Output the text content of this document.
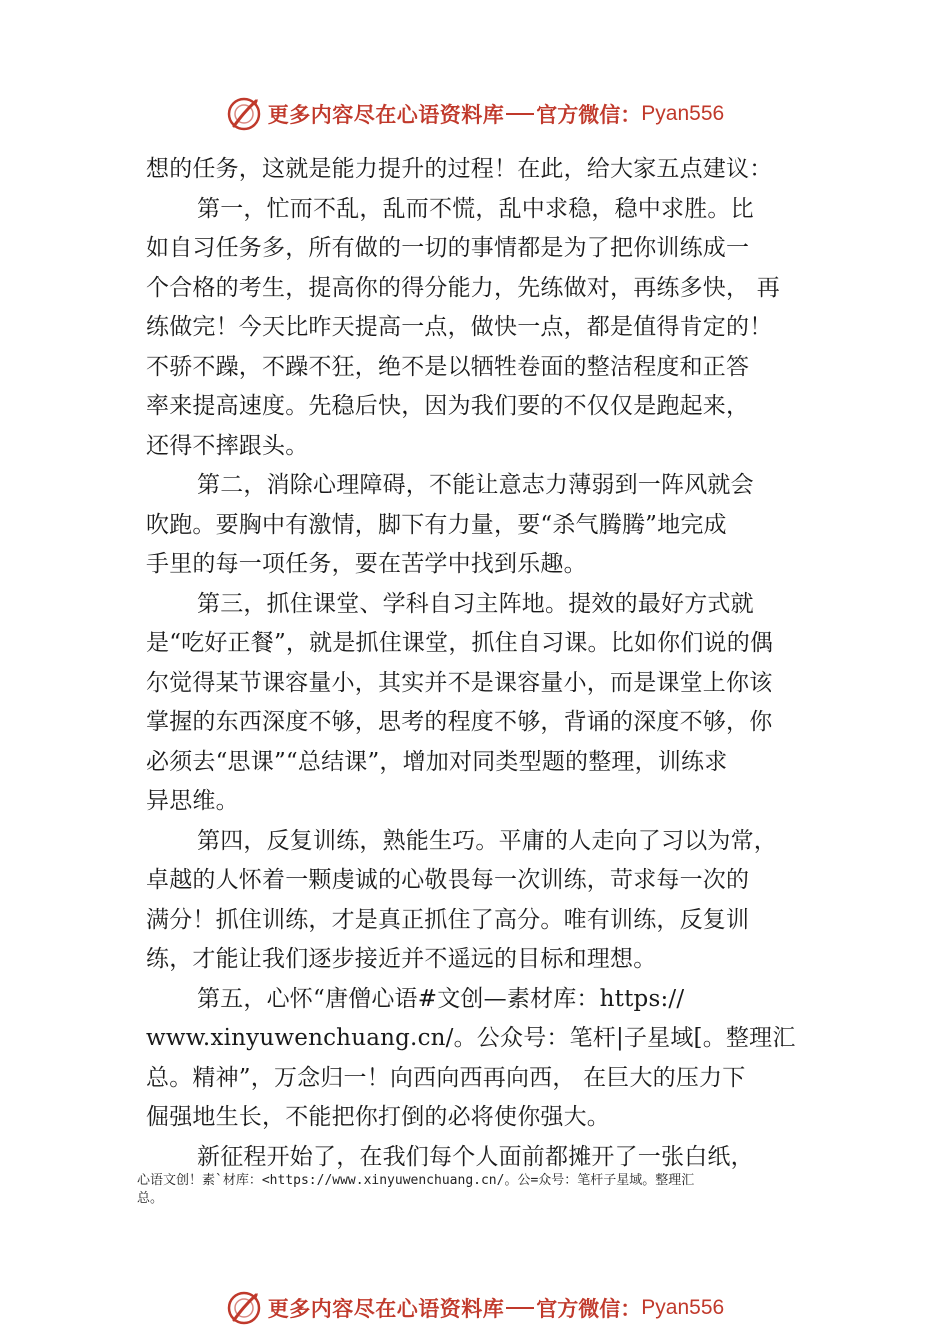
更多内容尽在心语资料库 官方微信： Pyan556
想的任务，这就是能力提升的过程！在此，给大家五点建议：
第一，忙而不乱，乱而不慌，乱中求稳，稳中求胜。比
如自习任务多，所有做的一切的事情都是为了把你训练成一
个合格的考生，提高你的得分能力，先练做对，再练多快， 再
练做完！今天比昨天提高一点，做快一点，都是值得肯定的！
不骄不躁，不躁不狂，绝不是以牺牲卷面的整洁程度和正答
率来提高速度。先稳后快，因为我们要的不仅仅是跑起来，
还得不摔跟头。
第二，消除心理障碍，不能让意志力薄弱到一阵风就会
吹跑。要胸中有激情，脚下有力量，要“杀气腾腾”地完成
手里的每一项任务，要在苦学中找到乐趣。
第三，抓住课堂、学科自习主阵地。提效的最好方式就
是“吃好正餐”，就是抓住课堂，抓住自习课。比如你们说的偶
尔觉得某节课容量小，其实并不是课容量小，而是课堂上你该
掌握的东西深度不够，思考的程度不够，背诵的深度不够，你
必须去“思课”“总结课”，增加对同类型题的整理，训练求
异思维。
第四，反复训练，熟能生巧。平庸的人走向了习以为常，
卓越的人怀着一颗虔诚的心敬畏每一次训练，苛求每一次的
满分！抓住训练，才是真正抓住了高分。唯有训练，反复训
练，才能让我们逐步接近并不遥远的目标和理想。
第五，心怀“唐僧心语#文创—素材库：https://
www.xinyuwenchuang.cn/。公众号：笔杆|子星域[。整理汇
总。精神”，万念归一！向西向西再向西， 在巨大的压力下
倔强地生长，不能把你打倒的必将使你强大。
新征程开始了，在我们每个人面前都摊开了一张白纸，
心语文创！素`材库：<https://www.xinyuwenchuang.cn/。公=众号：笔杆子星域。整理汇
总。
更多内容尽在心语资料库 官方微信： Pyan556
